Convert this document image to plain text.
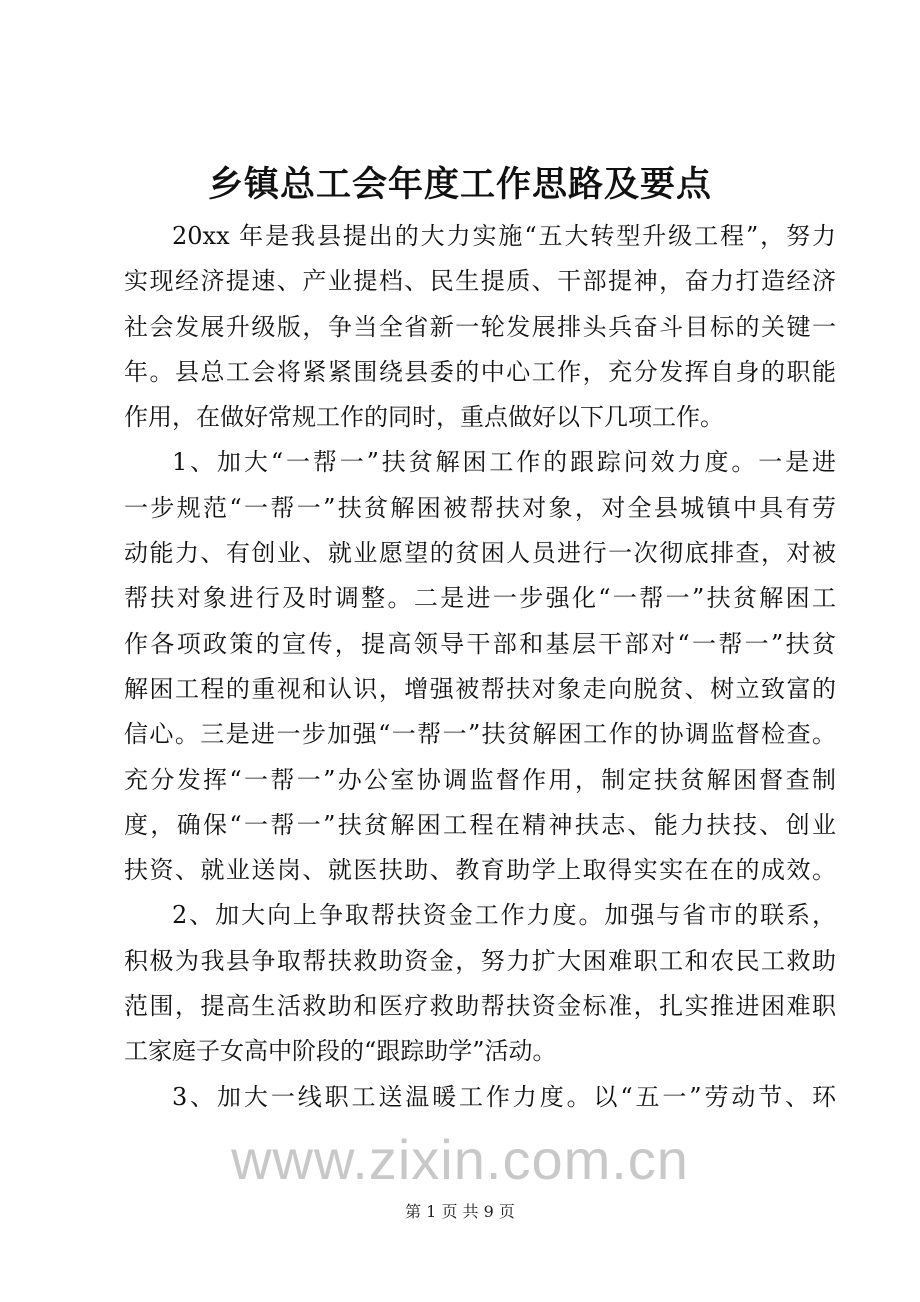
乡镇总工会年度工作思路及要点
20xx 年是我县提出的大力实施“五大转型升级工程”，努力
实现经济提速、产业提档、民生提质、干部提神，奋力打造经济
社会发展升级版，争当全省新一轮发展排头兵奋斗目标的关键一
年。县总工会将紧紧围绕县委的中心工作，充分发挥自身的职能
作用，在做好常规工作的同时，重点做好以下几项工作。
1、加大“一帮一”扶贫解困工作的跟踪问效力度。一是进
一步规范“一帮一”扶贫解困被帮扶对象，对全县城镇中具有劳
动能力、有创业、就业愿望的贫困人员进行一次彻底排查，对被
帮扶对象进行及时调整。二是进一步强化“一帮一”扶贫解困工
作各项政策的宣传，提高领导干部和基层干部对“一帮一”扶贫
解困工程的重视和认识，增强被帮扶对象走向脱贫、树立致富的
信心。三是进一步加强“一帮一”扶贫解困工作的协调监督检查。
充分发挥“一帮一”办公室协调监督作用，制定扶贫解困督查制
度，确保“一帮一”扶贫解困工程在精神扶志、能力扶技、创业
扶资、就业送岗、就医扶助、教育助学上取得实实在在的成效。
2、加大向上争取帮扶资金工作力度。加强与省市的联系，
积极为我县争取帮扶救助资金，努力扩大困难职工和农民工救助
范围，提高生活救助和医疗救助帮扶资金标准，扎实推进困难职
工家庭子女高中阶段的“跟踪助学”活动。
3、加大一线职工送温暖工作力度。以“五一”劳动节、环
www.zixin.com.cn
第 1 页 共 9 页
